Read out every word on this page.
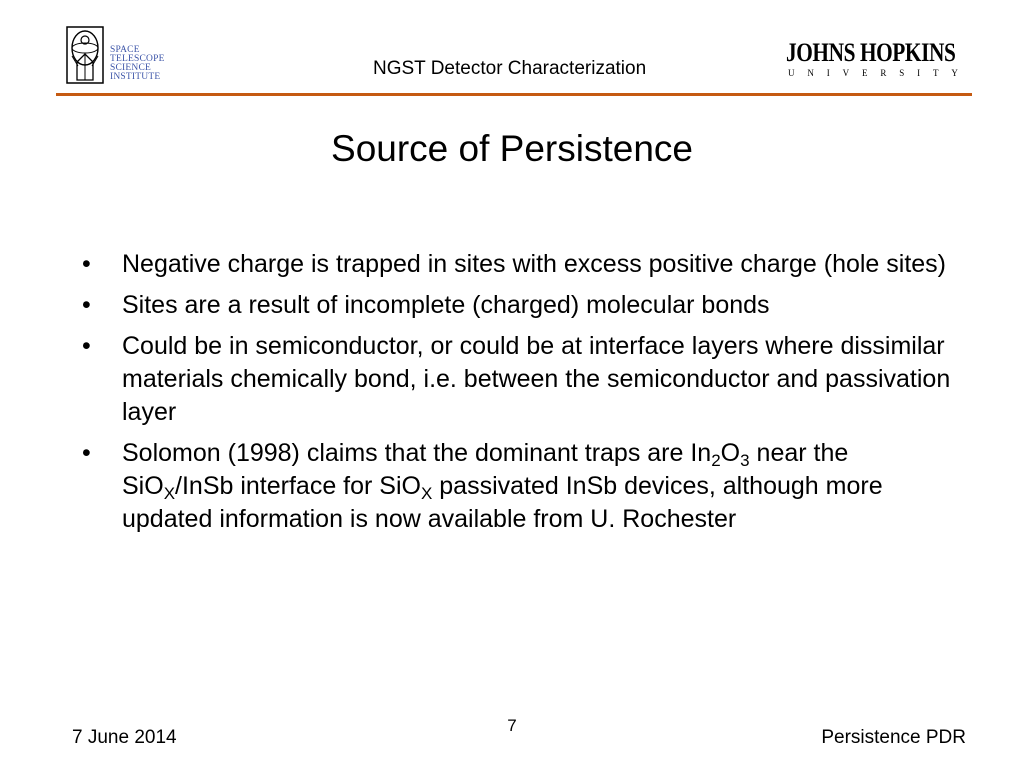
SPACE
TELESCOPE
SCIENCE
INSTITUTE	NGST Detector Characterization
JOHNS HOPKINS
U N I V E R S I T Y
Source of Persistence
• Negative charge is trapped in sites with excess positive charge (hole sites)
• Sites are a result of incomplete (charged) molecular bonds
• Could be in semiconductor, or could be at interface layers where dissimilar materials chemically bond, i.e. between the semiconductor and passivation layer
• Solomon (1998) claims that the dominant traps are $In_2O_3$ near the SiO$_X$/InSb interface for SiO$_X$ passivated InSb devices, although more updated information is now available from U. Rochester
7
7 June 2014	Persistence PDR
